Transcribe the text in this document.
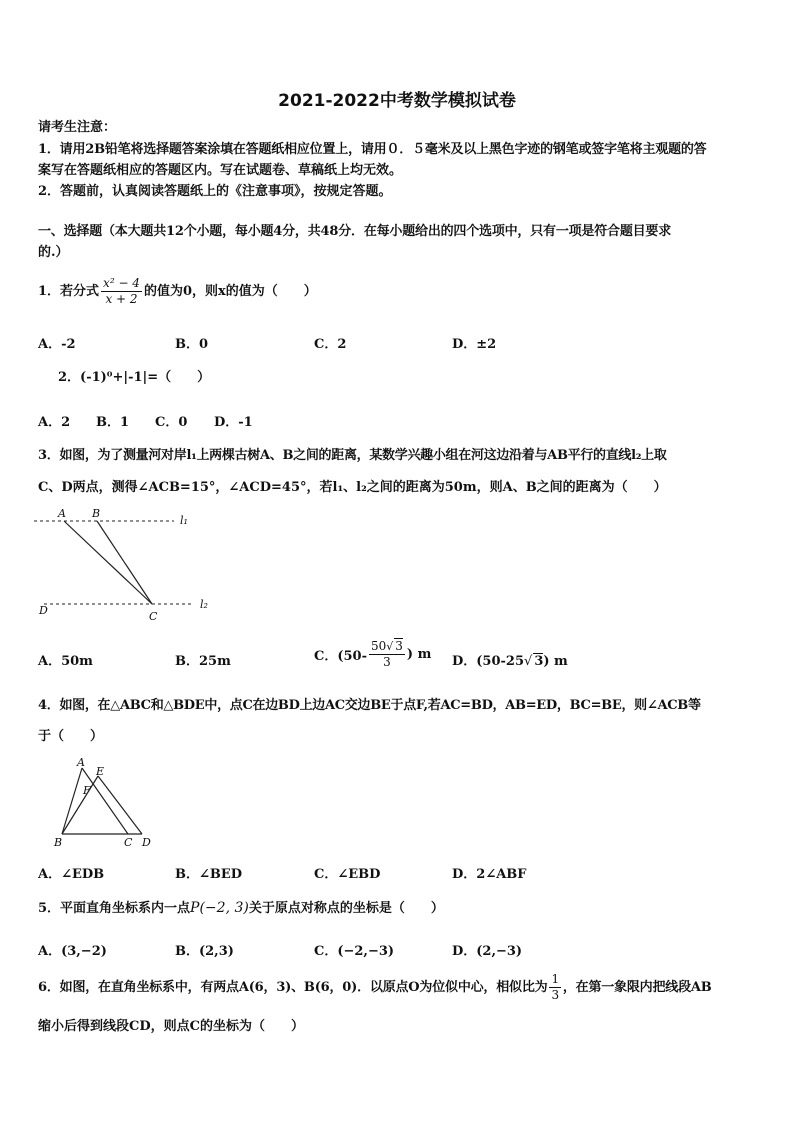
2021-2022中考数学模拟试卷
请考生注意：
1．请用2B铅笔将选择题答案涂填在答题纸相应位置上，请用０．５毫米及以上黑色字迹的钢笔或签字笔将主观题的答
案写在答题纸相应的答题区内。写在试题卷、草稿纸上均无效。
2．答题前，认真阅读答题纸上的《注意事项》，按规定答题。
一、选择题（本大题共12个小题，每小题4分，共48分．在每小题给出的四个选项中，只有一项是符合题目要求
的.）
1．若分式 $\frac{\text{x² − 4}}{x + 2}$ 的值为0，则x的值为（　　）
A．-2	B．0	C．2	D．±2
2．(-1)⁰+|-1|=（　　）
A．2 B．1 C．0 D．-1
3．如图，为了测量河对岸l₁上两棵古树A、B之间的距离，某数学兴趣小组在河这边沿着与AB平行的直线l₂上取
C、D两点，测得∠ACB=15°，∠ACD=45°，若l₁、l₂之间的距离为50m，则A、B之间的距离为（　　）
A B
l₁
D	C
l₂
A．50m	B．25m	C．($50- \frac{50√ 3}{3}$ ) m D．(50-25√ 3) m
4．如图，在△ABC和△BDE中，点C在边BD上边AC交边BE于点F,若AC=BD，AB=ED，BC=BE，则∠ACB等
于（　　）
A
E
F
B	C D
A．∠EDB	B．∠BED	C．∠EBD	D．2∠ABF
5．平面直角坐标系内一点P(−2, 3)关于原点对称点的坐标是（　　）
A．(3,−2)	B．(2,3)	C．(−2,−3)	D．(2,−3)
6．如图，在直角坐标系中，有两点A(6，3)、B(6，0)．以原点O为位似中心，相似比为 $\frac{1}{3}$ ，在第一象限内把线段AB
缩小后得到线段CD，则点C的坐标为（　　）
